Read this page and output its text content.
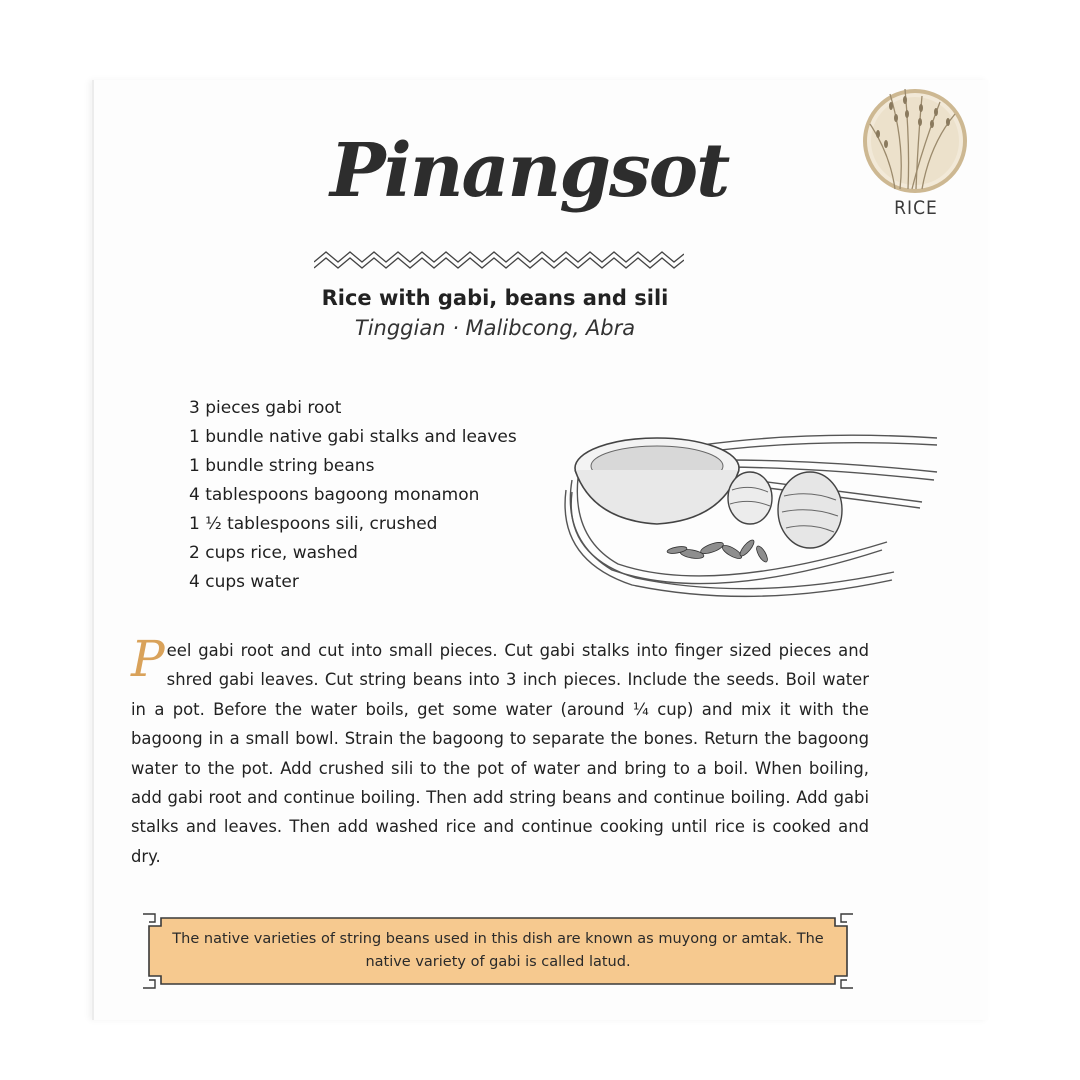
RICE
Pinangsot
Rice with gabi, beans and sili
Tinggian · Malibcong, Abra
3 pieces gabi root
1 bundle native gabi stalks and leaves
1 bundle string beans
4 tablespoons bagoong monamon
1 ½ tablespoons sili, crushed
2 cups rice, washed
4 cups water
Peel gabi root and cut into small pieces. Cut gabi stalks into finger sized pieces and shred gabi leaves. Cut string beans into 3 inch pieces. Include the seeds. Boil water in a pot. Before the water boils, get some water (around ¼ cup) and mix it with the bagoong in a small bowl. Strain the bagoong to separate the bones. Return the bagoong water to the pot. Add crushed sili to the pot of water and bring to a boil. When boiling, add gabi root and continue boiling. Then add string beans and continue boiling. Add gabi stalks and leaves. Then add washed rice and continue cooking until rice is cooked and dry.
The native varieties of string beans used in this dish are known as muyong or amtak. The native variety of gabi is called latud.
